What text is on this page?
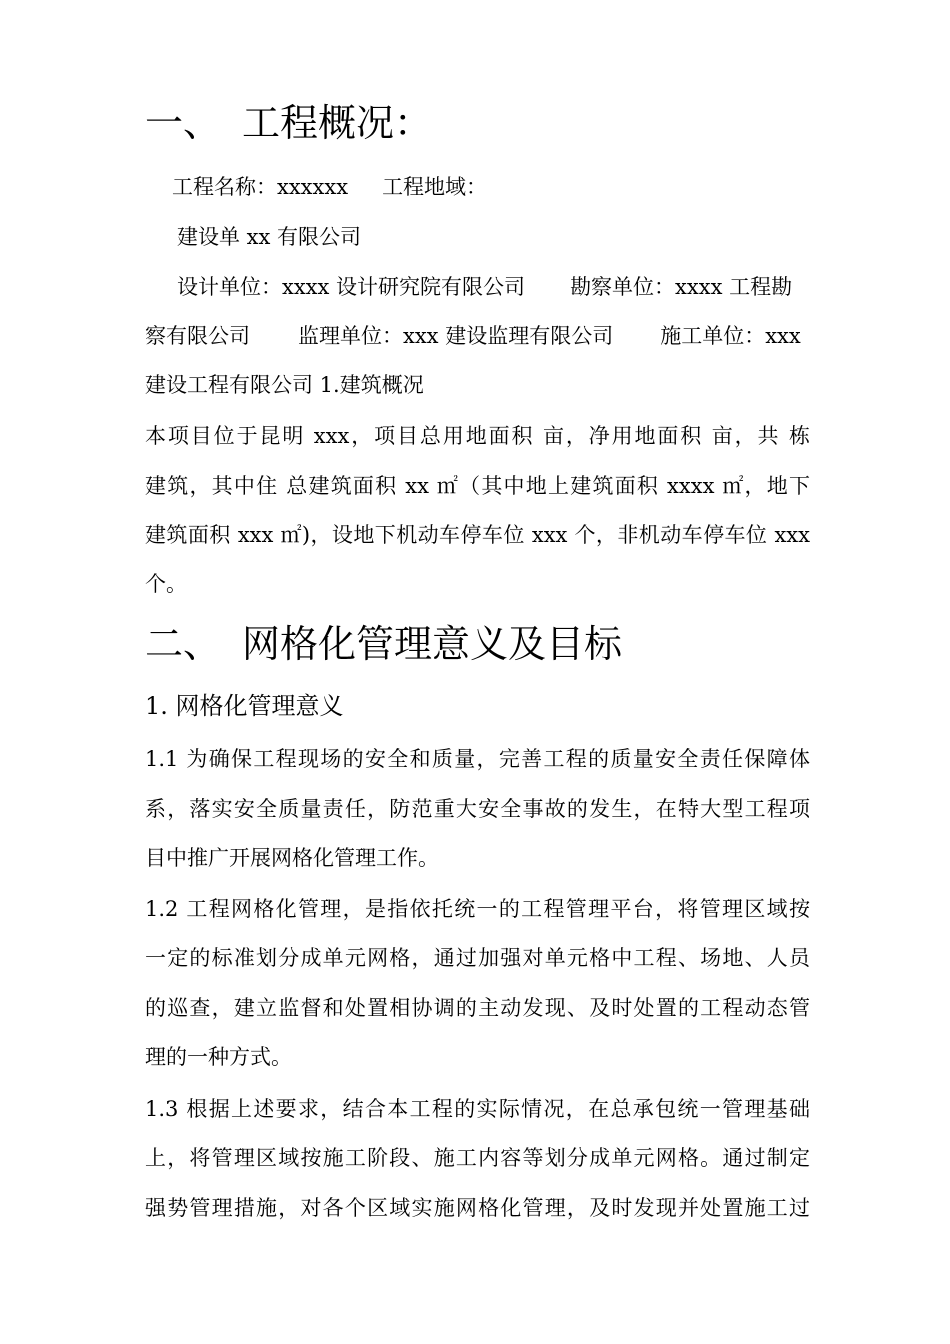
一、 工程概况：
工程名称：xxxxxx 工程地域：
建设单 xx 有限公司
设计单位：xxxx 设计研究院有限公司 勘察单位：xxxx 工程勘
察有限公司 监理单位：xxx 建设监理有限公司 施工单位：xxx
建设工程有限公司 1.建筑概况
本项目位于昆明 xxx，项目总用地面积 亩，净用地面积 亩，共 栋
建筑，其中住 总建筑面积 xx ㎡（其中地上建筑面积 xxxx ㎡，地下
建筑面积 xxx ㎡)，设地下机动车停车位 xxx 个，非机动车停车位 xxx
个。
二、 网格化管理意义及目标
1. 网格化管理意义
1.1 为确保工程现场的安全和质量，完善工程的质量安全责任保障体
系，落实安全质量责任，防范重大安全事故的发生，在特大型工程项
目中推广开展网格化管理工作。
1.2 工程网格化管理，是指依托统一的工程管理平台，将管理区域按
一定的标准划分成单元网格，通过加强对单元格中工程、场地、人员
的巡查，建立监督和处置相协调的主动发现、及时处置的工程动态管
理的一种方式。
1.3 根据上述要求，结合本工程的实际情况，在总承包统一管理基础
上，将管理区域按施工阶段、施工内容等划分成单元网格。通过制定
强势管理措施，对各个区域实施网格化管理，及时发现并处置施工过
